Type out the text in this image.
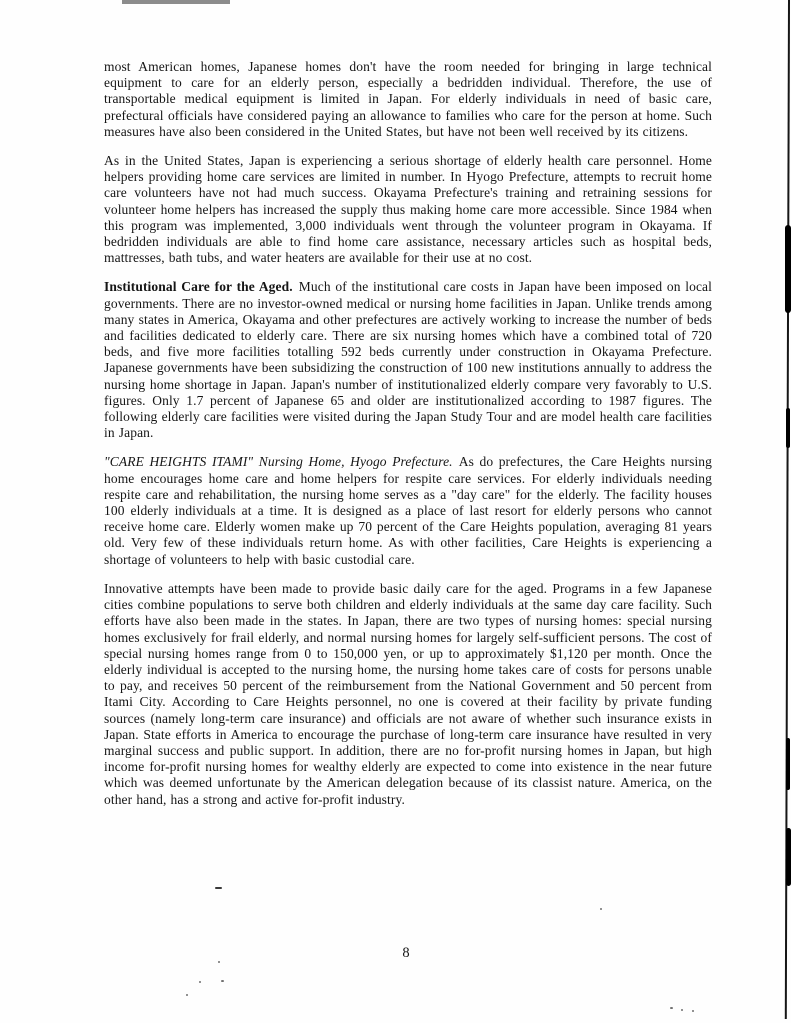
most American homes, Japanese homes don't have the room needed for bringing in large technical equipment to care for an elderly person, especially a bedridden individual. Therefore, the use of transportable medical equipment is limited in Japan. For elderly individuals in need of basic care, prefectural officials have considered paying an allowance to families who care for the person at home. Such measures have also been considered in the United States, but have not been well received by its citizens.

As in the United States, Japan is experiencing a serious shortage of elderly health care personnel. Home helpers providing home care services are limited in number. In Hyogo Prefecture, attempts to recruit home care volunteers have not had much success. Okayama Prefecture's training and retraining sessions for volunteer home helpers has increased the supply thus making home care more accessible. Since 1984 when this program was implemented, 3,000 individuals went through the volunteer program in Okayama. If bedridden individuals are able to find home care assistance, necessary articles such as hospital beds, mattresses, bath tubs, and water heaters are available for their use at no cost.

Institutional Care for the Aged. Much of the institutional care costs in Japan have been imposed on local governments. There are no investor-owned medical or nursing home facilities in Japan. Unlike trends among many states in America, Okayama and other prefectures are actively working to increase the number of beds and facilities dedicated to elderly care. There are six nursing homes which have a combined total of 720 beds, and five more facilities totalling 592 beds currently under construction in Okayama Prefecture. Japanese governments have been subsidizing the construction of 100 new institutions annually to address the nursing home shortage in Japan. Japan's number of institutionalized elderly compare very favorably to U.S. figures. Only 1.7 percent of Japanese 65 and older are institutionalized according to 1987 figures. The following elderly care facilities were visited during the Japan Study Tour and are model health care facilities in Japan.

"CARE HEIGHTS ITAMI" Nursing Home, Hyogo Prefecture. As do prefectures, the Care Heights nursing home encourages home care and home helpers for respite care services. For elderly individuals needing respite care and rehabilitation, the nursing home serves as a "day care" for the elderly. The facility houses 100 elderly individuals at a time. It is designed as a place of last resort for elderly persons who cannot receive home care. Elderly women make up 70 percent of the Care Heights population, averaging 81 years old. Very few of these individuals return home. As with other facilities, Care Heights is experiencing a shortage of volunteers to help with basic custodial care.

Innovative attempts have been made to provide basic daily care for the aged. Programs in a few Japanese cities combine populations to serve both children and elderly individuals at the same day care facility. Such efforts have also been made in the states. In Japan, there are two types of nursing homes: special nursing homes exclusively for frail elderly, and normal nursing homes for largely self-sufficient persons. The cost of special nursing homes range from 0 to 150,000 yen, or up to approximately $1,120 per month. Once the elderly individual is accepted to the nursing home, the nursing home takes care of costs for persons unable to pay, and receives 50 percent of the reimbursement from the National Government and 50 percent from Itami City. According to Care Heights personnel, no one is covered at their facility by private funding sources (namely long-term care insurance) and officials are not aware of whether such insurance exists in Japan. State efforts in America to encourage the purchase of long-term care insurance have resulted in very marginal success and public support. In addition, there are no for-profit nursing homes in Japan, but high income for-profit nursing homes for wealthy elderly are expected to come into existence in the near future which was deemed unfortunate by the American delegation because of its classist nature. America, on the other hand, has a strong and active for-profit industry.

8
